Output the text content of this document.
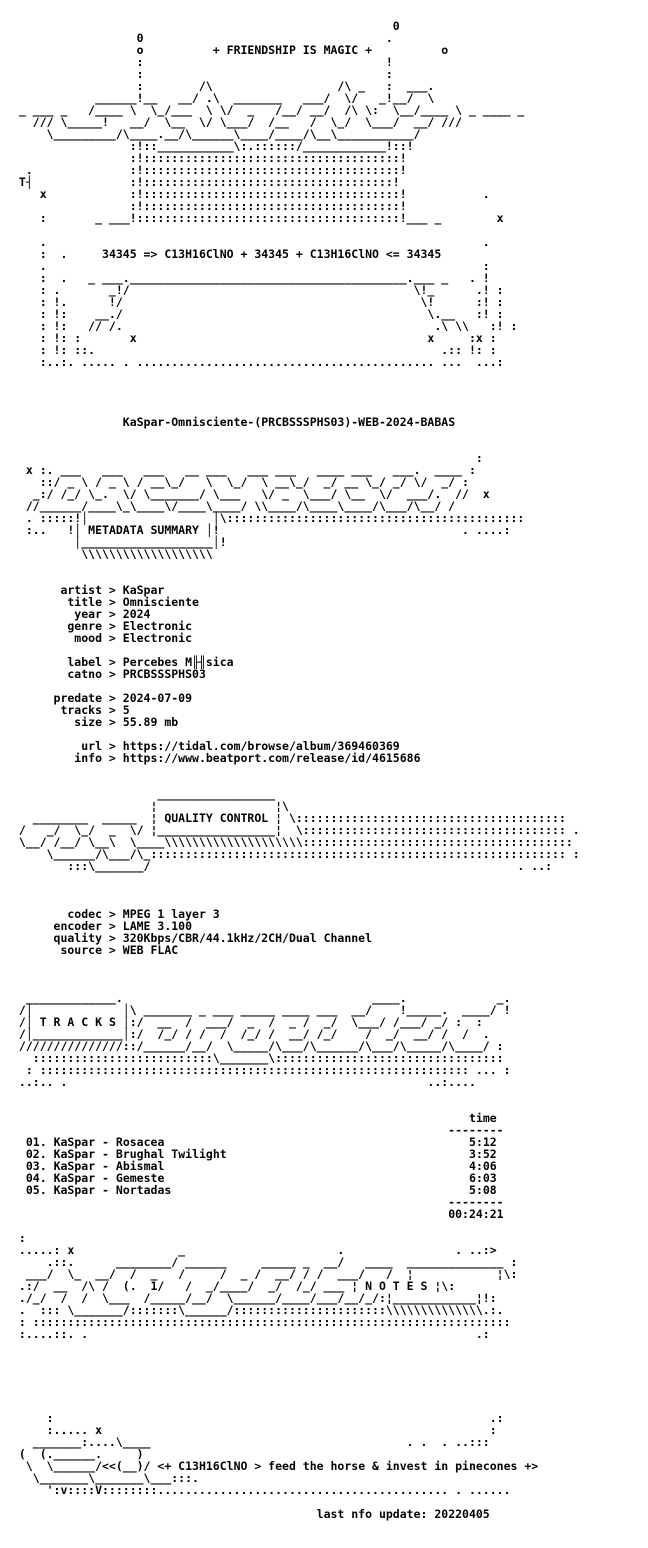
0
0                                   .
o          + FRIENDSHIP IS MAGIC +          o
:                                   !
:                                   :
:        /\                  /\ _   :  ___.
______!__   __/ .\  _______   ___/  \/   _!__/  \
_ ___ _   /____ \  \_/___  \ \/  _   /__/ __/  /\ \:  \__/____ \ _ ____ _
/// \_____!   __/  \__  \/ \___/  /__   /  \_/  \___/  __/ ///
\_________/\____.__/\______\____/____/\__\___________/
:!::___________\:.::::::/____________!::!
:!:::::::::::::::::::::::::::::::::::::!
.              :!:::::::::::::::::::::::::::::::::::::!
T┤              :!::::::::::::::::::::::::::::::::::::!
x            :!:::::::::::::::::::::::::::::::::::::!           .
:!:::::::::::::::::::::::::::::::::::::!
:       _ ___!::::::::::::::::::::::::::::::::::::::!___ _        x

.                                                               .
:  .     34345 => C13H16ClNO + 34345 + C13H16ClNO <= 34345
.                                                               :
:  .   _ ___.________________________________________.___ _   . !
: .       _!/                                         \!_      .! :
: !.      !/                                           \!      :! :
: !:    __./                                            \.__   :! :
: !:   // /.                                             .\ \\   :! :
: !: :       x                                          x     :x :
: !: ::.                                                  .:: !: :
:..:. ..... . ........................................... ...  ...:

KaSpar-Omnisciente-(PRCBSSSPHS03)-WEB-2024-BABAS

:
x :. ___   ___   ___   __ ___   ___ ___   ____ ___   ___.  ____ :
::/ _ \ / _ \ / __\_/   \  \_/  \ __\_/  _/ __ \_/ _/ \/  _/ :
_:/ /_/ \_.  \/ \_______/ \___   \/ _  \___/ \__  \/  ___/.  //  x
//______/____\_\____\/____\____/ \\____/\____\____/\___/\__/ /
. :::::!│                  │\:::::::::::::::::::::::::::::::::::::::::::
:..   !│ METADATA SUMMARY │!                                   . ....:
│___________________│!
\\\\\\\\\\\\\\\\\\\

artist > KaSpar
title > Omnisciente
year > 2024
genre > Electronic
mood > Electronic

label > Percebes M╟╢sica
catno > PRCBSSSPHS03

predate > 2024-07-09
tracks > 5
size > 55.89 mb

url > https://tidal.com/browse/album/369460369
info > https://www.beatport.com/release/id/4615686

_________________
¦                 ¦\
________  _____  ¦ QUALITY CONTROL ¦ \:::::::::::::::::::::::::::::::::::::::
/   _/  \_/  _  \/ ¦_________________¦  \:::::::::::::::::::::::::::::::::::::: .
\__/ /__/ \__\  \____\\\\\\\\\\\\\\\\\\\\:::::::::::::::::::::::::::::::::::::::
\______/\___/\_:::::::::::::::::::::::::::::::::::::::::::::::::::::::::::: :
:::\_______/                                                     . ..:

codec > MPEG 1 layer 3
encoder > LAME 3.100
quality > 320Kbps/CBR/44.1kHz/2CH/Dual Channel
source > WEB FLAC

_____________.                                    ____.             _.
/│             │\ _______ _ ___ _____ ____ ___  __/    !_____.  ____/ !
/│ T R A C K S │:/  __  /  ___/  _  /  _ /  _/  \___/ /___/ _/ :  :
/│_____________│:/  /_/ / /  /  /_/ /  __/ /_/    /  _/  __/ /  /  .
///////////////::/______/__/  \_____/\___/\______/\___/\_____/\____/ :
::::::::::::::::::::::::::\_______\:::::::::::::::::::::::::::::::::
: :::::::::::::::::::::::::::::::::::::::::::::::::::::::::::::: ... :
..:.. .                                                    ..:....

time
--------
01. KaSpar - Rosacea	5:12
02. KaSpar - Brughal Twilight	3:52
03. KaSpar - Abismal	4:06
04. KaSpar - Gemeste	6:03
05. KaSpar - Nortadas	5:08
--------
00:24:21

:
.....: x               _                      .                . ..:>
.::.      ________/ ______     _____ _  __/   ____  ______________ :
___/  \_  __/  /  _   /     /  _ /  __/ / /  ___/   /  ¦            ¦\:
.:/  __  /\ /  (.  1/   /  _/____/  _/  /_/ ___ ¦ N O T E S ¦\:
./_/  /  /  \___  /_____/__/  \______/____/___/__/_/:¦____________¦!:
.  ::: \_______/:::::::\______/::::::::::::::::::::::\\\\\\\\\\\\\\.:.
: :::::::::::::::::::::::::::::::::::::::::::::::::::::::::::::::::::::
:....::. .                                                        .:

:                                                               .:
:..... x                                                        :
_______:....\____                                     . .  . ..:::
(  (.______.     )
\  \______/<<(__)/ <+ C13H16ClNO > feed the horse & invest in pinecones +>
\_______\_______\___:::.
':v::::V::::::::.......................................... . ......

last nfo update: 20220405
